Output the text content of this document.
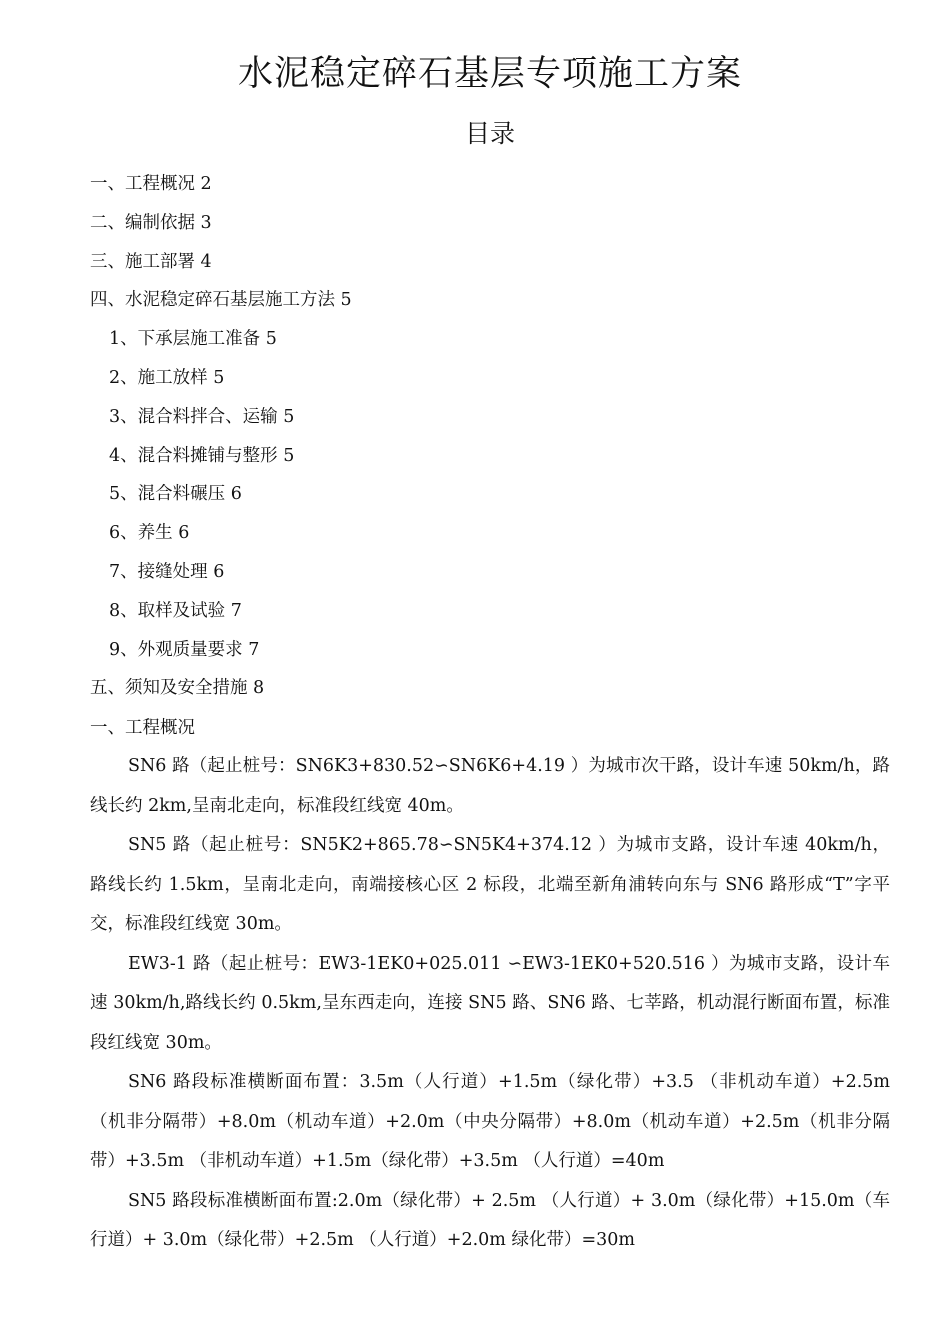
水泥稳定碎石基层专项施工方案
目录
一、工程概况 2
二、编制依据 3
三、施工部署 4
四、水泥稳定碎石基层施工方法 5
1、下承层施工准备 5
2、施工放样 5
3、混合料拌合、运输 5
4、混合料摊铺与整形 5
5、混合料碾压 6
6、养生 6
7、接缝处理 6
8、取样及试验 7
9、外观质量要求 7
五、须知及安全措施 8
一、工程概况

SN6 路（起止桩号：SN6K3+830.52∽SN6K6+4.19 ）为城市次干路，设计车速 50km/h，路线长约 2km,呈南北走向，标准段红线宽 40m。

SN5 路（起止桩号：SN5K2+865.78∽SN5K4+374.12 ）为城市支路，设计车速 40km/h，路线长约 1.5km，呈南北走向，南端接核心区 2 标段，北端至新角浦转向东与 SN6 路形成“T”字平交，标准段红线宽 30m。

EW3-1 路（起止桩号：EW3-1EK0+025.011 ∽EW3-1EK0+520.516 ）为城市支路，设计车速 30km/h,路线长约 0.5km,呈东西走向，连接 SN5 路、SN6 路、七莘路，机动混行断面布置，标准段红线宽 30m。

SN6 路段标准横断面布置：3.5m（人行道）+1.5m（绿化带）+3.5 （非机动车道）+2.5m（机非分隔带）+8.0m（机动车道）+2.0m（中央分隔带）+8.0m（机动车道）+2.5m（机非分隔带）+3.5m （非机动车道）+1.5m（绿化带）+3.5m （人行道）=40m

SN5 路段标准横断面布置:2.0m（绿化带）+ 2.5m （人行道）+ 3.0m（绿化带）+15.0m（车行道）+ 3.0m（绿化带）+2.5m （人行道）+2.0m 绿化带）=30m
